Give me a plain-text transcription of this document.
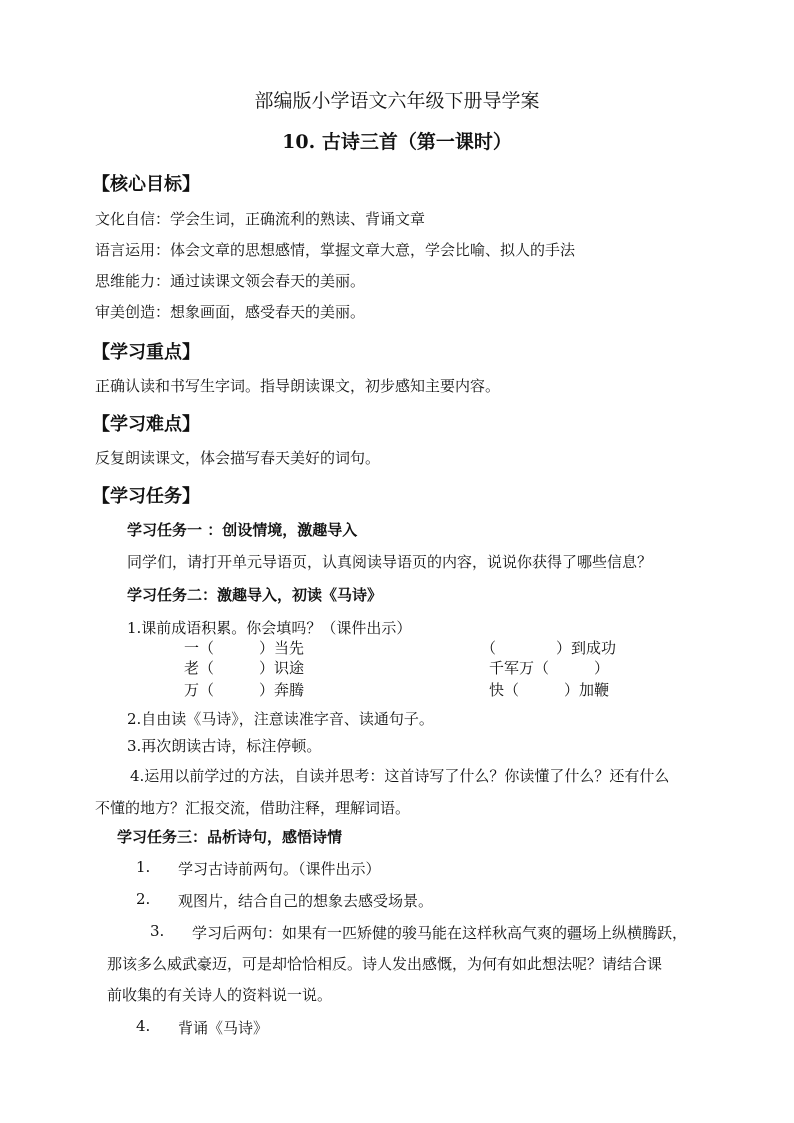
部编版小学语文六年级下册导学案
10. 古诗三首（第一课时）
【核心目标】
文化自信：学会生词，正确流利的熟读、背诵文章
语言运用：体会文章的思想感情，掌握文章大意，学会比喻、拟人的手法
思维能力：通过读课文领会春天的美丽。
审美创造：想象画面，感受春天的美丽。
【学习重点】
正确认读和书写生字词。指导朗读课文，初步感知主要内容。
【学习难点】
反复朗读课文，体会描写春天美好的词句。
【学习任务】
学习任务一 ：创设情境，激趣导入
同学们，请打开单元导语页，认真阅读导语页的内容，说说你获得了哪些信息？
学习任务二：激趣导入，初读《马诗》
1.课前成语积累。你会填吗？（课件出示）
一（　　　）当先	（　　　　）到成功
老（　　　）识途	千军万（　　　）
万（　　　）奔腾	快（　　　）加鞭
2.自由读《马诗》，注意读准字音、读通句子。
3.再次朗读古诗，标注停顿。
4.运用以前学过的方法，自读并思考：这首诗写了什么？你读懂了什么？还有什么
不懂的地方？汇报交流，借助注释，理解词语。
学习任务三：品析诗句，感悟诗情
1. 学习古诗前两句。（课件出示）
2. 观图片，结合自己的想象去感受场景。
3. 学习后两句：如果有一匹矫健的骏马能在这样秋高气爽的疆场上纵横腾跃，
那该多么威武豪迈，可是却恰恰相反。诗人发出感慨，为何有如此想法呢？请结合课
前收集的有关诗人的资料说一说。
4. 背诵《马诗》
